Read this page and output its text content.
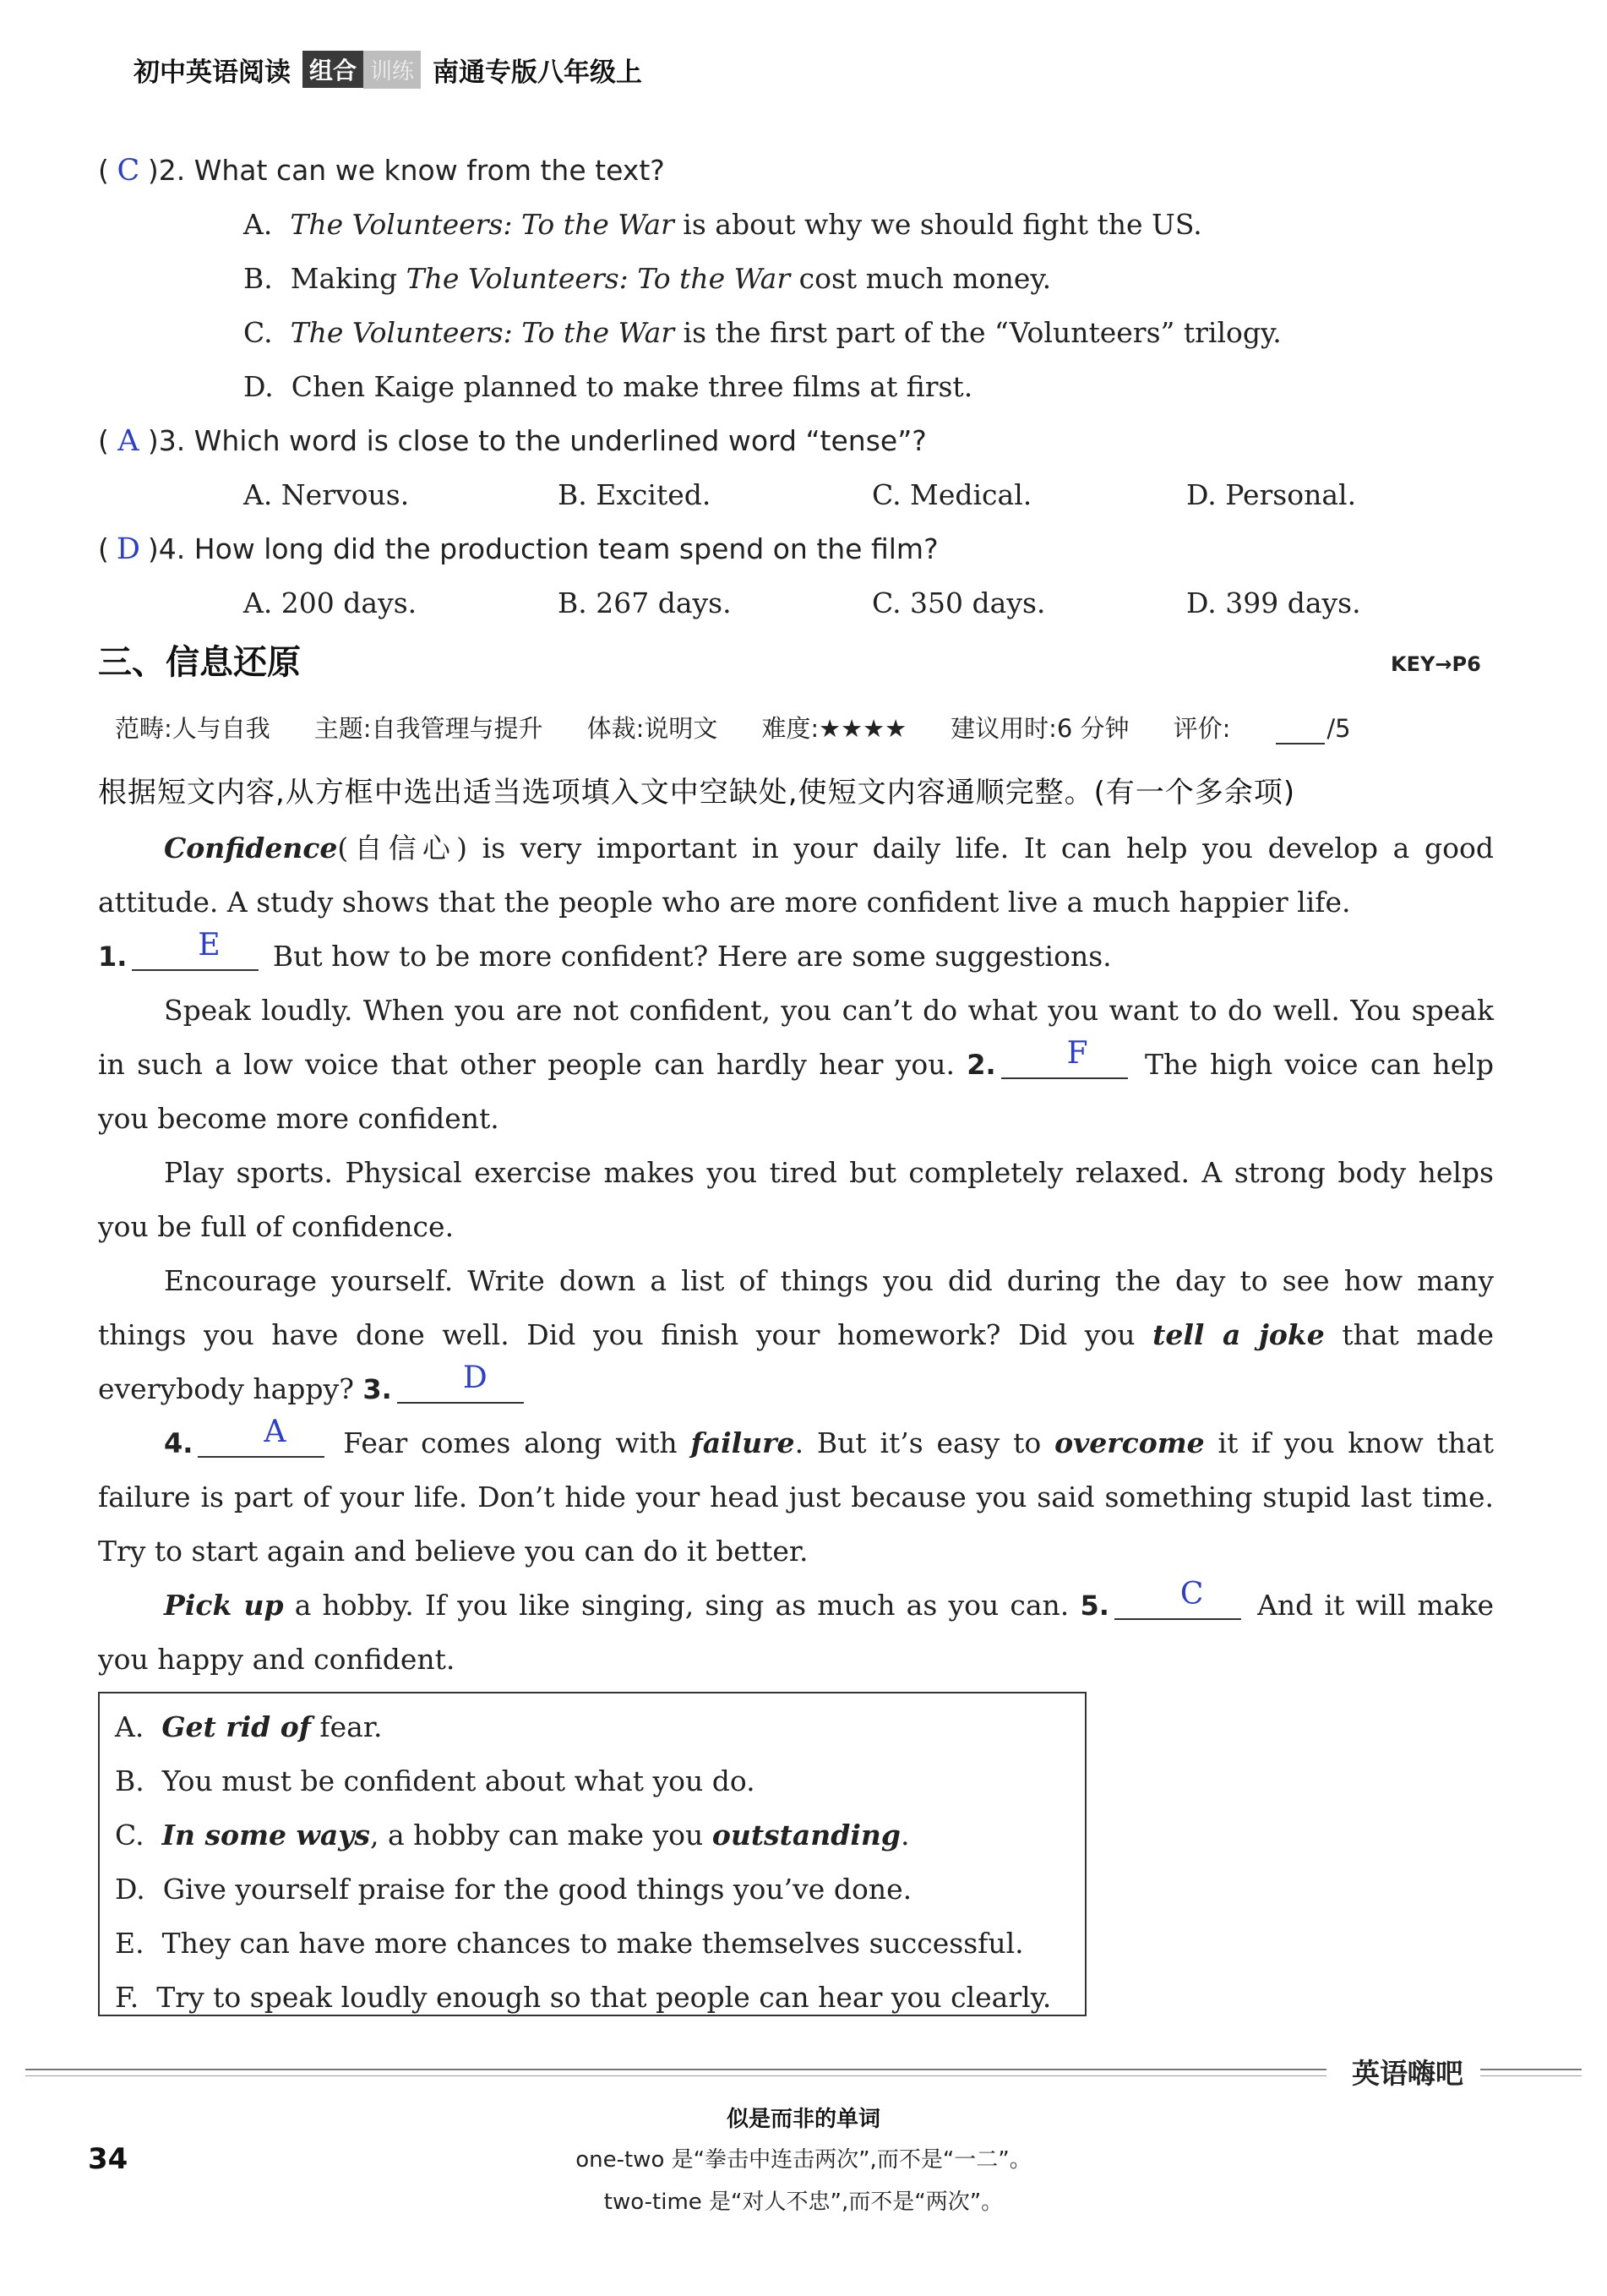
初中英语阅读 组合 训练 南通专版八年级上
( C )2. What can we know from the text?
A. The Volunteers: To the War is about why we should fight the US.
B. Making The Volunteers: To the War cost much money.
C. The Volunteers: To the War is the first part of the “Volunteers” trilogy.
D. Chen Kaige planned to make three films at first.
( A )3. Which word is close to the underlined word “tense”?
A. Nervous.	B. Excited.	C. Medical.	D. Personal.
( D )4. How long did the production team spend on the film?
A. 200 days.	B. 267 days.	C. 350 days.	D. 399 days.
三、信息还原	KEY→P6
范畴:人与自我 主题:自我管理与提升 体裁:说明文 难度:★★★★ 建议用时:6 分钟 评价:	/5
根据短文内容,从方框中选出适当选项填入文中空缺处,使短文内容通顺完整。(有一个多余项)

Confidence(自信心) is very important in your daily life. It can help you develop a good attitude. A study shows that the people who are more confident live a much happier life.
1.	E	But how to be more confident? Here are some suggestions.

Speak loudly. When you are not confident, you can’t do what you want to do well. You speak in such a low voice that other people can hardly hear you. 2.	F	The high voice can help you become more confident.

Play sports. Physical exercise makes you tired but completely relaxed. A strong body helps you be full of confidence.

Encourage yourself. Write down a list of things you did during the day to see how many things you have done well. Did you finish your homework? Did you tell a joke that made everybody happy? 3.	D

4.	A	Fear comes along with failure. But it’s easy to overcome it if you know that failure is part of your life. Don’t hide your head just because you said something stupid last time. Try to start again and believe you can do it better.

Pick up a hobby. If you like singing, sing as much as you can. 5.	C	And it will make you happy and confident.

A. Get rid of fear.
B. You must be confident about what you do.
C. In some ways, a hobby can make you outstanding.
D. Give yourself praise for the good things you’ve done.
E. They can have more chances to make themselves successful.
F. Try to speak loudly enough so that people can hear you clearly.
英语嗨吧
似是而非的单词
34	one-two 是“拳击中连击两次”,而不是“一二”。
two-time 是“对人不忠”,而不是“两次”。
